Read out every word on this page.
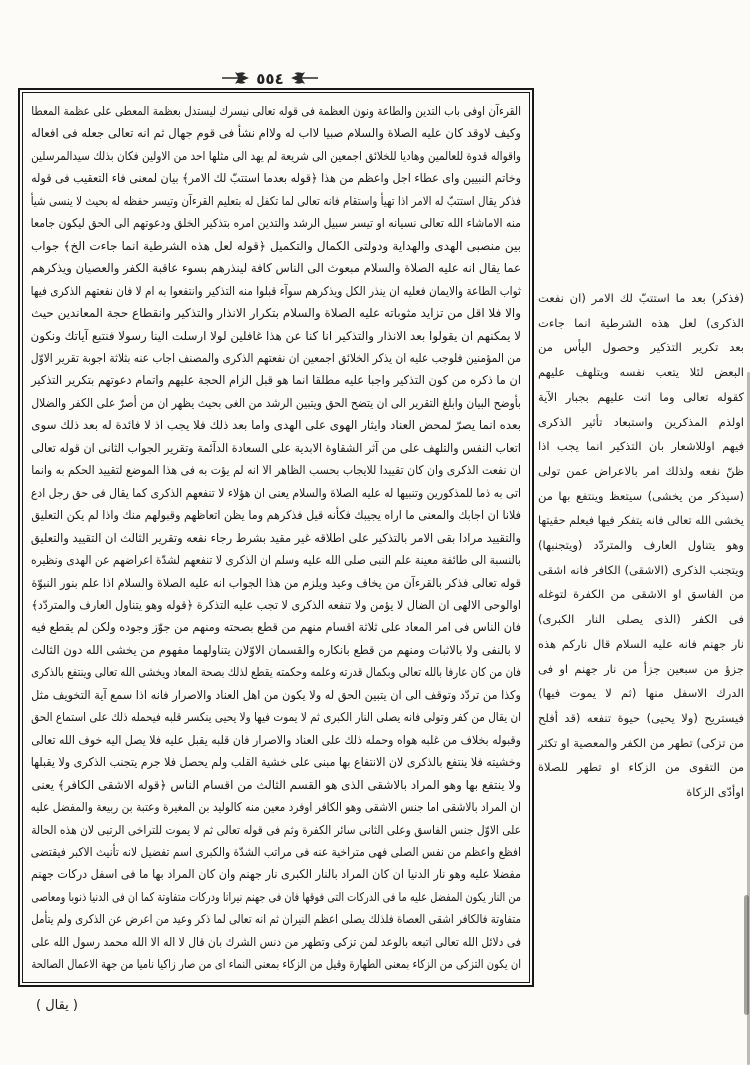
٥٥٤
القرءآن اوفى باب التدين والطاعة ونون العظمة فى قوله تعالى نيسرك ليستدل بعظمة المعطى على عظمة المعطا
وكيف لاوقد كان عليه الصلاة والسلام صبيا لااب له ولاام نشأ فى قوم جهال ثم انه تعالى جعله فى افعاله
واقواله قدوة للعالمين وهاديا للخلائق اجمعين الى شريعة لم يهد الى مثلها احد من الاولين فكان بذلك سيدالمرسلين
وخاتم النبيين واى عطاء اجل واعظم من هذا ﴿قوله بعدما استتبّ لك الامر﴾ بيان لمعنى فاء التعقيب فى قوله
فذكر يقال استتبّ له الامر اذا تهيأ واستقام فانه تعالى لما تكفل له بتعليم القرءآن وتيسر حفظه له بحيث لا ينسى شيأ
منه الاماشاء الله تعالى نسيانه او تيسر سبيل الرشد والتدين امره بتذكير الخلق ودعوتهم الى الحق ليكون جامعا
بين منصبى الهدى والهداية ودولتى الكمال والتكميل ﴿قوله لعل هذه الشرطية انما جاءت الخ﴾ جواب
عما يقال انه عليه الصلاة والسلام مبعوث الى الناس كافة لينذرهم بسوء عاقبة الكفر والعصيان ويذكرهم
ثواب الطاعة والايمان فعليه ان ينذر الكل ويذكرهم سوآء قبلوا منه التذكير وانتفعوا به ام لا فان نفعتهم الذكرى فيها
والا فلا اقل من تزايد مثوباته عليه الصلاة والسلام بتكرار الانذار والتذكير وانقطاع حجة المعاندين حيث
لا يمكنهم ان يقولوا بعد الانذار والتذكير انا كنا عن هذا غافلين لولا ارسلت الينا رسولا فنتبع آياتك ونكون
من المؤمنين فلوجب عليه ان يذكر الخلائق اجمعين ان نفعتهم الذكرى والمصنف اجاب عنه بثلاثة اجوبة تقرير الاوّل
ان ما ذكره من كون التذكير واجبا عليه مطلقا انما هو قبل الزام الحجة عليهم واتمام دعوتهم بتكرير التذكير
بأوضح البيان وابلغ التقرير الى ان يتضح الحق ويتبين الرشد من الغى بحيث يظهر ان من أصرّ على الكفر والضلال
بعده انما يصرّ لمحض العناد وايثار الهوى على الهدى واما بعد ذلك فلا يجب اذ لا فائدة له بعد ذلك سوى
اتعاب النفس والتلهف على من آثر الشقاوة الابدية على السعادة الدآئمة وتقرير الجواب الثانى ان قوله تعالى
ان نفعت الذكرى وان كان تقييدا للايجاب بحسب الظاهر الا انه لم يؤت به فى هذا الموضع لتقييد الحكم به وانما
اتى به ذما للمذكورين وتنبيها له عليه الصلاة والسلام يعنى ان هؤلاء لا تنفعهم الذكرى كما يقال فى حق رجل ادع
فلانا ان اجابك والمعنى ما اراه يجيبك فكأنه قيل فذكرهم وما يظن اتعاظهم وقبولهم منك واذا لم يكن التعليق
والتقييد مرادا بقى الامر بالتذكير على اطلاقه غير مقيد بشرط رجاء نفعه وتقرير الثالث ان التقييد والتعليق
بالنسبة الى طائفة معينة علم النبى صلى الله عليه وسلم ان الذكرى لا تنفعهم لشدّة اعراضهم عن الهدى ونظيره
قوله تعالى فذكر بالقرءآن من يخاف وعيد ويلزم من هذا الجواب انه عليه الصلاة والسلام اذا علم بنور النبوّة
اوالوحى الالهى ان الضال لا يؤمن ولا تنفعه الذكرى لا تجب عليه التذكرة ﴿قوله وهو يتناول العارف والمتردّد﴾
فان الناس فى امر المعاد على ثلاثة اقسام منهم من قطع بصحته ومنهم من جوّز وجوده ولكن لم يقطع فيه
لا بالنفى ولا بالاثبات ومنهم من قطع بانكاره والقسمان الاوّلان يتناولهما مفهوم من يخشى الله دون الثالث
فان من كان عارفا بالله تعالى وبكمال قدرته وعلمه وحكمته يقطع لذلك بصحة المعاد ويخشى الله تعالى وينتفع بالذكرى
وكذا من تردّد وتوقف الى ان يتبين الحق له ولا يكون من اهل العناد والاصرار فانه اذا سمع آية التخويف مثل
ان يقال من كفر وتولى فانه يصلى النار الكبرى ثم لا يموت فيها ولا يحيى ينكسر قلبه فيحمله ذلك على استماع الحق
وقبوله بخلاف من غلبه هواه وحمله ذلك على العناد والاصرار فان قلبه يقبل عليه فلا يصل اليه خوف الله تعالى
وخشيته فلا ينتفع بالذكرى لان الانتفاع بها مبنى على خشية القلب ولم يحصل فلا جرم يتجنب الذكرى ولا يقبلها
ولا ينتفع بها وهو المراد بالاشقى الذى هو القسم الثالث من اقسام الناس ﴿قوله الاشقى الكافر﴾ يعنى
ان المراد بالاشقى اما جنس الاشقى وهو الكافر اوفرد معين منه كالوليد بن المغيرة وعتبة بن ربيعة والمفضل عليه
على الاوّل جنس الفاسق وعلى الثانى سائر الكفرة وثم فى قوله تعالى ثم لا يموت للتراخى الرتبى لان هذه الحالة
افظع واعظم من نفس الصلى فهى متراخية عنه فى مراتب الشدّة والكبرى اسم تفضيل لانه تأنيث الاكبر فيقتضى
مفضلا عليه وهو نار الدنيا ان كان المراد بالنار الكبرى نار جهنم وان كان المراد بها ما فى اسفل دركات جهنم
من النار يكون المفضل عليه ما فى الدركات التى فوقها فان فى جهنم نيرانا ودركات متفاوتة كما ان فى الدنيا ذنوبا ومعاصى
متفاوتة فالكافر اشقى العصاة فلذلك يصلى اعظم النيران ثم انه تعالى لما ذكر وعيد من اعرض عن الذكرى ولم يتأمل
فى دلائل الله تعالى اتبعه بالوعد لمن تزكى وتطهر من دنس الشرك بان قال لا اله الا الله محمد رسول الله على
ان يكون التزكى من الزكاء بمعنى الطهارة وقيل من الزكاء بمعنى النماء اى من صار زاكيا ناميا من جهة الاعمال الصالحة
(فذكر) بعد ما استتبّ لك الامر (ان نفعت
الذكرى) لعل هذه الشرطية انما جاءت
بعد تكرير التذكير وحصول اليأس من
البعض لئلا يتعب نفسه ويتلهف عليهم
كقوله تعالى وما انت عليهم بجبار الآية
اولذم المذكرين واستبعاد تأثير الذكرى
فيهم اوللاشعار بان التذكير انما يجب اذا
ظنّ نفعه ولذلك امر بالاعراض عمن تولى
(سيذكر من يخشى) سيتعظ وينتفع بها من
يخشى الله تعالى فانه يتفكر فيها فيعلم حقيتها
وهو يتناول العارف والمتردّد (ويتجنبها)
ويتجنب الذكرى (الاشقى) الكافر فانه اشقى
من الفاسق او الاشقى من الكفرة لتوغله
فى الكفر (الذى يصلى النار الكبرى)
نار جهنم فانه عليه السلام قال ناركم هذه
جزؤ من سبعين جزأ من نار جهنم او فى
الدرك الاسفل منها (ثم لا يموت فيها)
فيستريح (ولا يحيى) حيوة تنفعه (قد أفلح
من تزكى) تطهر من الكفر والمعصية او تكثر
من التقوى من الزكاء او تطهر للصلاة
اوأدّى الزكاة
( يقال )
